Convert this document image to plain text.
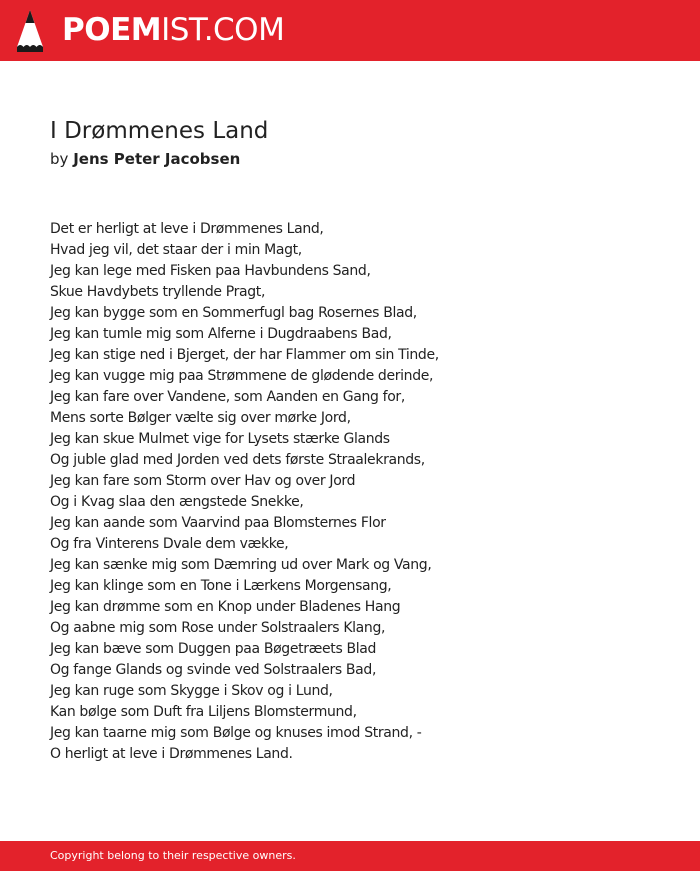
POEMIST.COM
I Drømmenes Land
by Jens Peter Jacobsen
Det er herligt at leve i Drømmenes Land,
Hvad jeg vil, det staar der i min Magt,
Jeg kan lege med Fisken paa Havbundens Sand,
Skue Havdybets tryllende Pragt,
Jeg kan bygge som en Sommerfugl bag Rosernes Blad,
Jeg kan tumle mig som Alferne i Dugdraabens Bad,
Jeg kan stige ned i Bjerget, der har Flammer om sin Tinde,
Jeg kan vugge mig paa Strømmene de glødende derinde,
Jeg kan fare over Vandene, som Aanden en Gang for,
Mens sorte Bølger vælte sig over mørke Jord,
Jeg kan skue Mulmet vige for Lysets stærke Glands
Og juble glad med Jorden ved dets første Straalekrands,
Jeg kan fare som Storm over Hav og over Jord
Og i Kvag slaa den ængstede Snekke,
Jeg kan aande som Vaarvind paa Blomsternes Flor
Og fra Vinterens Dvale dem vække,
Jeg kan sænke mig som Dæmring ud over Mark og Vang,
Jeg kan klinge som en Tone i Lærkens Morgensang,
Jeg kan drømme som en Knop under Bladenes Hang
Og aabne mig som Rose under Solstraalers Klang,
Jeg kan bæve som Duggen paa Bøgetræets Blad
Og fange Glands og svinde ved Solstraalers Bad,
Jeg kan ruge som Skygge i Skov og i Lund,
Kan bølge som Duft fra Liljens Blomstermund,
Jeg kan taarne mig som Bølge og knuses imod Strand, -
O herligt at leve i Drømmenes Land.
Copyright belong to their respective owners.
